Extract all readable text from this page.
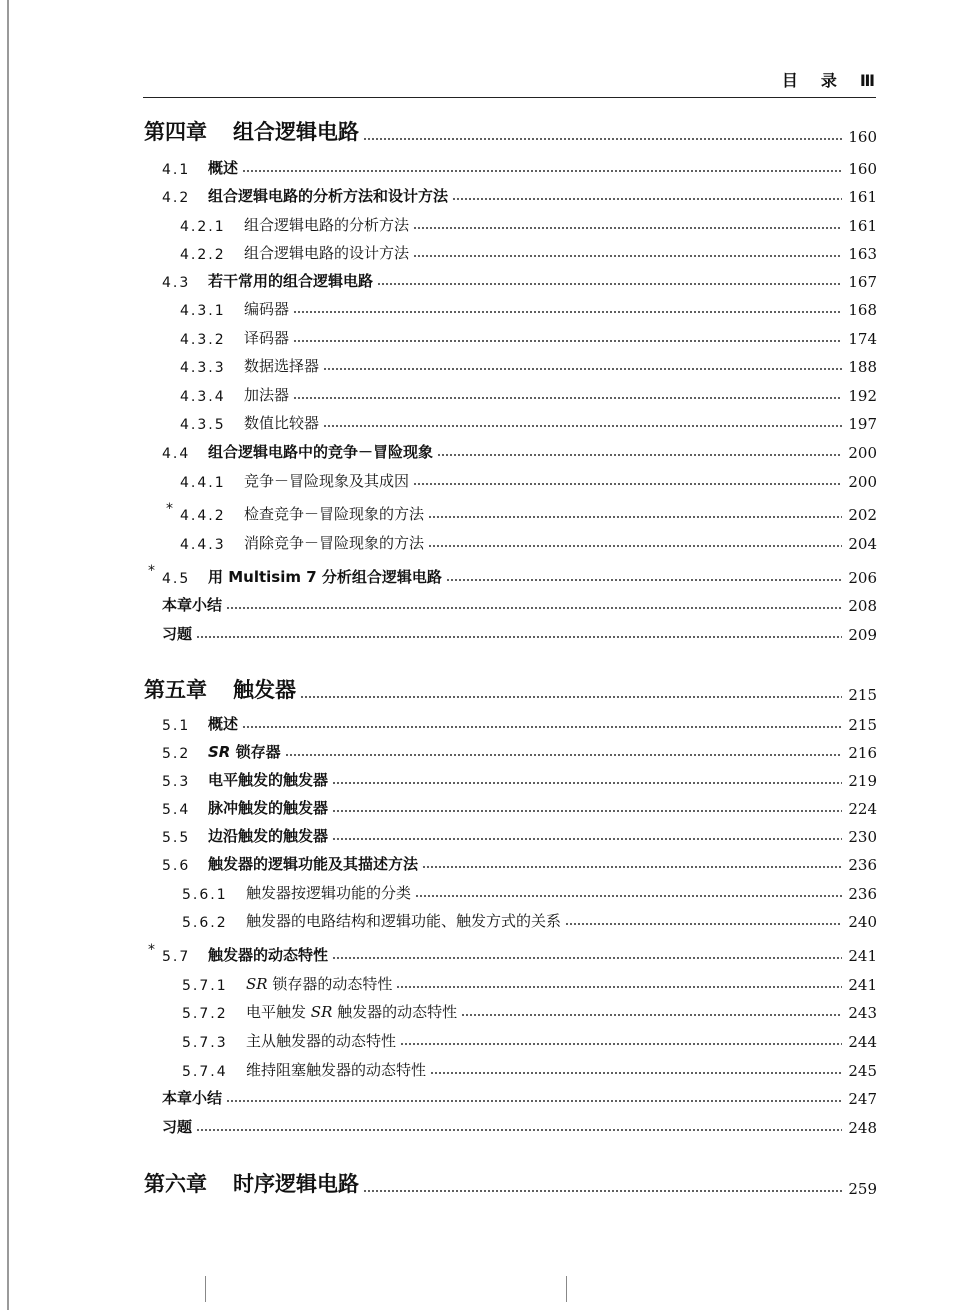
目 录 Ⅲ
第四章 组合逻辑电路	160
4.1	概述	160
4.2	组合逻辑电路的分析方法和设计方法	161
4.2.1	组合逻辑电路的分析方法	161
4.2.2	组合逻辑电路的设计方法	163
4.3	若干常用的组合逻辑电路	167
4.3.1	编码器	168
4.3.2	译码器	174
4.3.3	数据选择器	188
4.3.4	加法器	192
4.3.5	数值比较器	197
4.4	组合逻辑电路中的竞争－冒险现象	200
4.4.1	竞争－冒险现象及其成因	200
* 4.4.2	检查竞争－冒险现象的方法	202
4.4.3	消除竞争－冒险现象的方法	204
* 4.5	用 Multisim 7 分析组合逻辑电路	206
本章小结	208
习题	209
第五章 触发器	215
5.1	概述	215
5.2	SR 锁存器	216
5.3	电平触发的触发器	219
5.4	脉冲触发的触发器	224
5.5	边沿触发的触发器	230
5.6	触发器的逻辑功能及其描述方法	236
5.6.1	触发器按逻辑功能的分类	236
5.6.2	触发器的电路结构和逻辑功能、触发方式的关系	240
* 5.7	触发器的动态特性	241
5.7.1	SR 锁存器的动态特性	241
5.7.2	电平触发 SR 触发器的动态特性	243
5.7.3	主从触发器的动态特性	244
5.7.4	维持阻塞触发器的动态特性	245
本章小结	247
习题	248
第六章 时序逻辑电路	259
